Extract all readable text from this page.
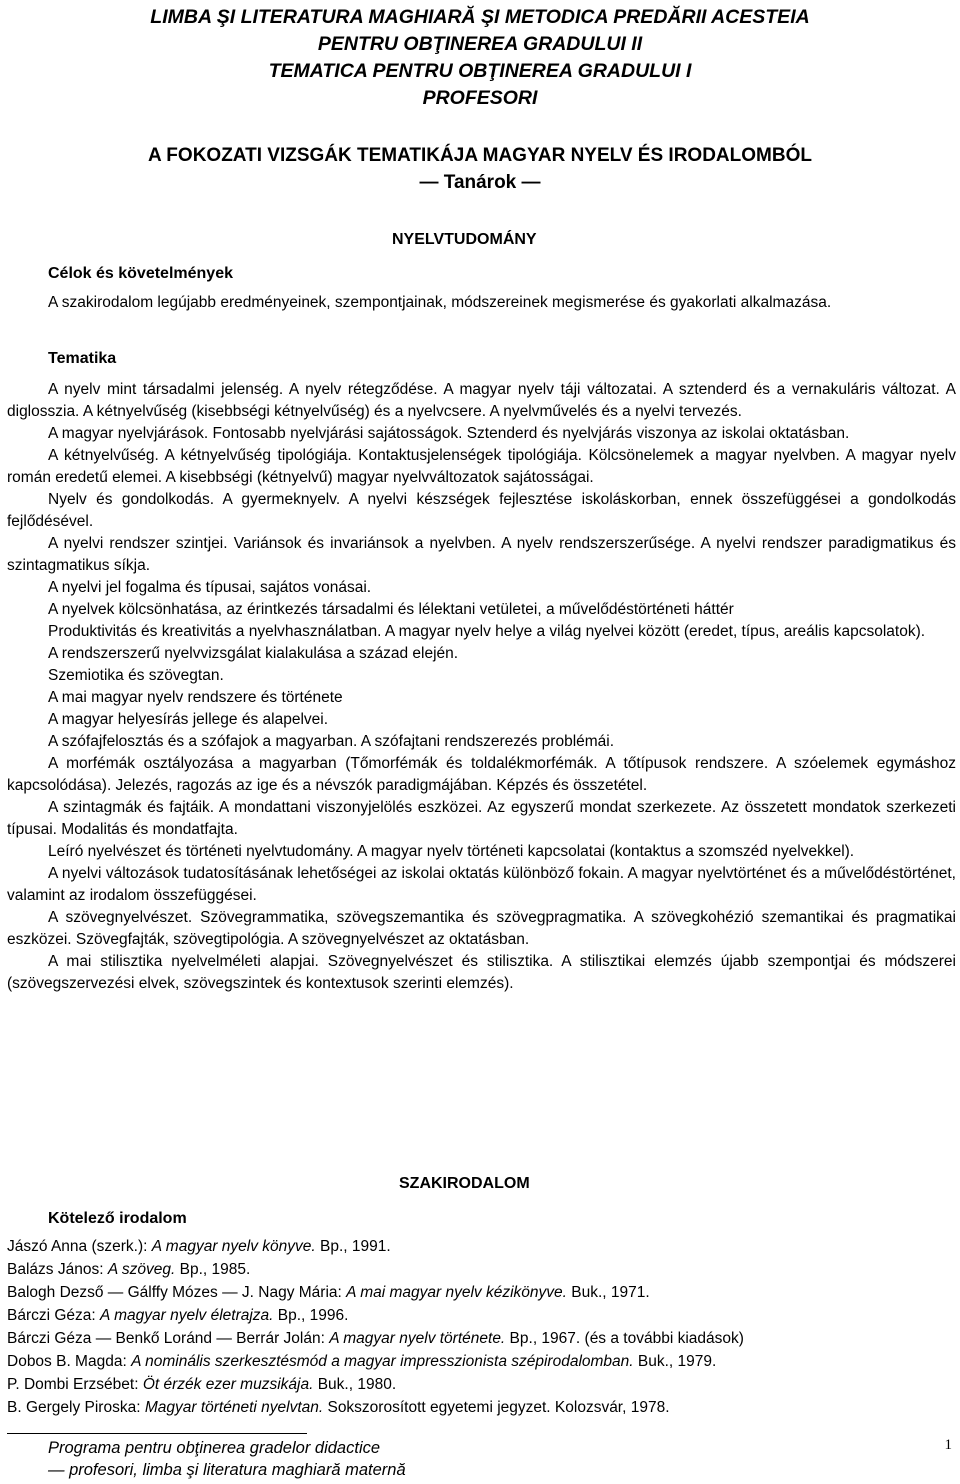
LIMBA ŞI LITERATURA MAGHIARĂ ŞI METODICA PREDĂRII ACESTEIA
PENTRU OBŢINEREA GRADULUI II
TEMATICA PENTRU OBŢINEREA GRADULUI I
PROFESORI
A FOKOZATI VIZSGÁK TEMATIKÁJA MAGYAR NYELV ÉS IRODALOMBÓL
— Tanárok —
NYELVTUDOMÁNY
Célok és követelmények

A szakirodalom legújabb eredményeinek, szempontjainak, módszereinek megismerése és gyakorlati alkalmazása.

Tematika

A nyelv mint társadalmi jelenség. A nyelv rétegződése. A magyar nyelv táji változatai. A sztenderd és a vernakuláris változat. A diglosszia. A kétnyelvűség (kisebbségi kétnyelvűség) és a nyelvcsere. A nyelvművelés és a nyelvi tervezés.

A magyar nyelvjárások. Fontosabb nyelvjárási sajátosságok. Sztenderd és nyelvjárás viszonya az iskolai oktatásban.

A kétnyelvűség. A kétnyelvűség tipológiája. Kontaktusjelenségek tipológiája. Kölcsönelemek a magyar nyelvben. A magyar nyelv román eredetű elemei. A kisebbségi (kétnyelvű) magyar nyelvváltozatok sajátosságai.

Nyelv és gondolkodás. A gyermeknyelv. A nyelvi készségek fejlesztése iskoláskorban, ennek összefüggései a gondolkodás fejlődésével.

A nyelvi rendszer szintjei. Variánsok és invariánsok a nyelvben. A nyelv rendszerszerűsége. A nyelvi rendszer paradigmatikus és szintagmatikus síkja.

A nyelvi jel fogalma és típusai, sajátos vonásai.

A nyelvek kölcsönhatása, az érintkezés társadalmi és lélektani vetületei, a művelődéstörténeti háttér

Produktivitás és kreativitás a nyelvhasználatban. A magyar nyelv helye a világ nyelvei között (eredet, típus, areális kapcsolatok).

A rendszerszerű nyelvvizsgálat kialakulása a század elején.

Szemiotika és szövegtan.

A mai magyar nyelv rendszere és története

A magyar helyesírás jellege és alapelvei.

A szófajfelosztás és a szófajok a magyarban. A szófajtani rendszerezés problémái.

A morfémák osztályozása a magyarban (Tőmorfémák és toldalékmorfémák. A tőtípusok rendszere. A szóelemek egymáshoz kapcsolódása). Jelezés, ragozás az ige és a névszók paradigmájában. Képzés és összetétel.

A szintagmák és fajtáik. A mondattani viszonyjelölés eszközei. Az egyszerű mondat szerkezete. Az összetett mondatok szerkezeti típusai. Modalitás és mondatfajta.

Leíró nyelvészet és történeti nyelvtudomány. A magyar nyelv történeti kapcsolatai (kontaktus a szomszéd nyelvekkel).

A nyelvi változások tudatosításának lehetőségei az iskolai oktatás különböző fokain. A magyar nyelvtörténet és a művelődéstörténet, valamint az irodalom összefüggései.

A szövegnyelvészet. Szövegrammatika, szövegszemantika és szövegpragmatika. A szövegkohézió szemantikai és pragmatikai eszközei. Szövegfajták, szövegtipológia. A szövegnyelvészet az oktatásban.

A mai stilisztika nyelvelméleti alapjai. Szövegnyelvészet és stilisztika. A stilisztikai elemzés újabb szempontjai és módszerei (szövegszervezési elvek, szövegszintek és kontextusok szerinti elemzés).

SZAKIRODALOM
Kötelező irodalom

Jászó Anna (szerk.): A magyar nyelv könyve. Bp., 1991.

Balázs János: A szöveg. Bp., 1985.

Balogh Dezső — Gálffy Mózes — J. Nagy Mária: A mai magyar nyelv kézikönyve. Buk., 1971.

Bárczi Géza: A magyar nyelv életrajza. Bp., 1996.

Bárczi Géza — Benkő Loránd — Berrár Jolán: A magyar nyelv története. Bp., 1967. (és a további kiadások)

Dobos B. Magda: A nominális szerkesztésmód a magyar impresszionista szépirodalomban. Buk., 1979.

P. Dombi Erzsébet: Öt érzék ezer muzsikája. Buk., 1980.

B. Gergely Piroska: Magyar történeti nyelvtan. Sokszorosított egyetemi jegyzet. Kolozsvár, 1978.

Programa pentru obţinerea gradelor didactice
— profesori, limba şi literatura maghiară maternă
1
